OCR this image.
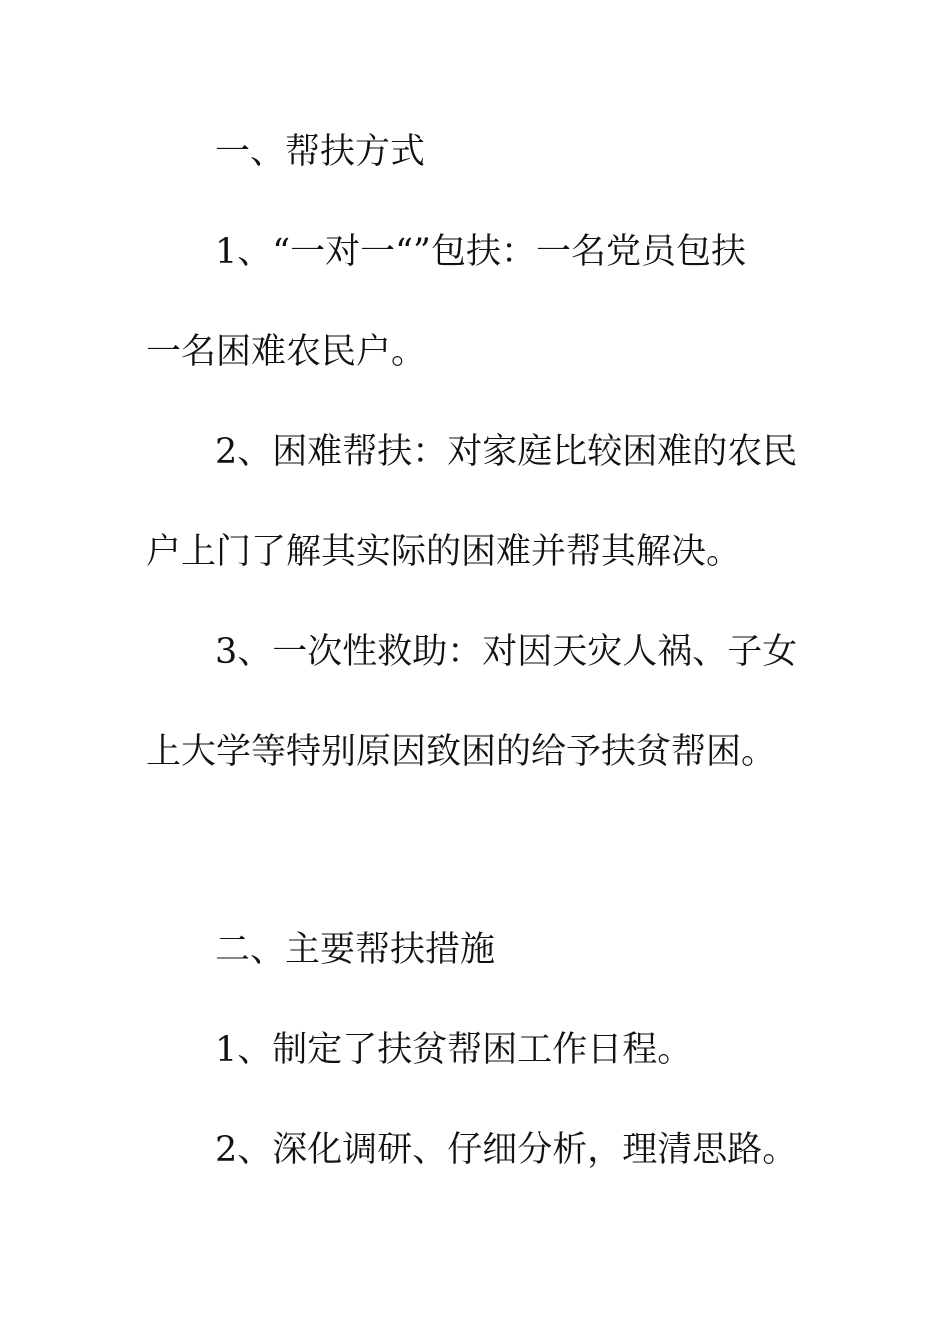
一、帮扶方式
1、“一对一“”包扶：一名党员包扶
一名困难农民户。
2、困难帮扶：对家庭比较困难的农民
户上门了解其实际的困难并帮其解决。
3、一次性救助：对因天灾人祸、子女
上大学等特别原因致困的给予扶贫帮困。
二、主要帮扶措施
1、制定了扶贫帮困工作日程。
2、深化调研、仔细分析，理清思路。
